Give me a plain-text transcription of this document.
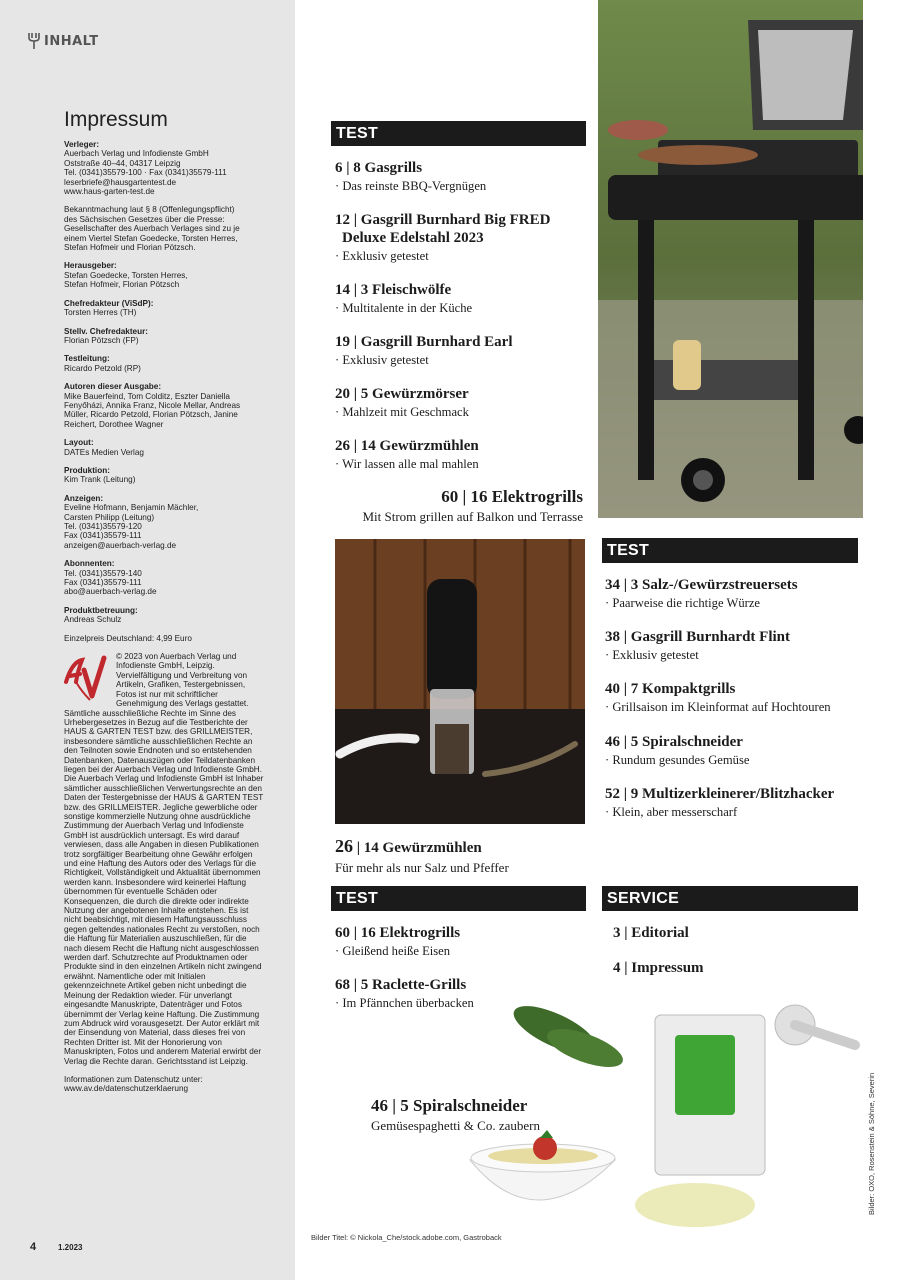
INHALT
Impressum
Verleger:
Auerbach Verlag und Infodienste GmbH
Oststraße 40–44, 04317 Leipzig
Tel. (0341)35579-100 · Fax (0341)35579-111
leserbriefe@hausgartentest.de
www.haus-garten-test.de
Bekanntmachung laut § 8 (Offenlegungspflicht)
des Sächsischen Gesetzes über die Presse:
Gesellschafter des Auerbach Verlages sind zu je
einem Viertel Stefan Goedecke, Torsten Herres,
Stefan Hofmeir und Florian Pötzsch.
Herausgeber:
Stefan Goedecke, Torsten Herres,
Stefan Hofmeir, Florian Pötzsch
Chefredakteur (ViSdP):
Torsten Herres (TH)
Stellv. Chefredakteur:
Florian Pötzsch (FP)
Testleitung:
Ricardo Petzold (RP)
Autoren dieser Ausgabe:
Mike Bauerfeind, Tom Colditz, Eszter Daniella
Fenyőházi, Annika Franz, Nicole Mellar, Andreas
Müller, Ricardo Petzold, Florian Pötzsch, Janine
Reichert, Dorothee Wagner
Layout:
DATEs Medien Verlag
Produktion:
Kim Trank (Leitung)
Anzeigen:
Eveline Hofmann, Benjamin Mächler,
Carsten Philipp (Leitung)
Tel. (0341)35579-120
Fax (0341)35579-111
anzeigen@auerbach-verlag.de
Abonnenten:
Tel. (0341)35579-140
Fax (0341)35579-111
abo@auerbach-verlag.de
Produktbetreuung:
Andreas Schulz
Einzelpreis Deutschland: 4,99 Euro
© 2023 von Auerbach Verlag und Infodienste GmbH, Leipzig. Vervielfältigung und Verbreitung von Artikeln, Grafiken, Testergebnissen, Fotos ist nur mit schriftlicher Genehmigung des Verlags gestattet. Sämtliche ausschließliche Rechte im Sinne des Urhebergesetzes in Bezug auf die Testberichte der HAUS & GARTEN TEST bzw. des GRILLMEISTER, insbesondere sämtliche ausschließlichen Rechte an den Teilnoten sowie Endnoten und so entstehenden Datenbanken, Datenauszügen oder Teildatenbanken liegen bei der Auerbach Verlag und Infodienste GmbH. Die Auerbach Verlag und Infodienste GmbH ist Inhaber sämtlicher ausschließlichen Verwertungsrechte an den Daten der Testergebnisse der HAUS & GARTEN TEST bzw. des GRILLMEISTER. Jegliche gewerbliche oder sonstige kommerzielle Nutzung ohne ausdrückliche Zustimmung der Auerbach Verlag und Infodienste GmbH ist ausdrücklich untersagt. Es wird darauf verwiesen, dass alle Angaben in diesen Publikationen trotz sorgfältiger Bearbeitung ohne Gewähr erfolgen und eine Haftung des Autors oder des Verlags für die Richtigkeit, Vollständigkeit und Aktualität übernommen werden kann. Insbesondere wird keinerlei Haftung übernommen für eventuelle Schäden oder Konsequenzen, die durch die direkte oder indirekte Nutzung der angebotenen Inhalte entstehen. Es ist nicht beabsichtigt, mit diesem Haftungsausschluss gegen geltendes nationales Recht zu verstoßen, noch die Haftung für Materialien auszuschließen, für die nach diesem Recht die Haftung nicht ausgeschlossen werden darf. Schutzrechte auf Produktnamen oder Produkte sind in den einzelnen Artikeln nicht zwingend erwähnt. Namentliche oder mit Initialen gekennzeichnete Artikel geben nicht unbedingt die Meinung der Redaktion wieder. Für unverlangt eingesandte Manuskripte, Datenträger und Fotos übernimmt der Verlag keine Haftung. Die Zustimmung zum Abdruck wird vorausgesetzt. Der Autor erklärt mit der Einsendung von Material, dass dieses frei von Rechten Dritter ist. Mit der Honorierung von Manuskripten, Fotos und anderem Material erwirbt der Verlag die Rechte daran. Gerichtsstand ist Leipzig.
Informationen zum Datenschutz unter:
www.av.de/datenschutzerklaerung
4	1.2023
TEST
6 | 8 Gasgrills
· Das reinste BBQ-Vergnügen
12 | Gasgrill Burnhard Big FRED
Deluxe Edelstahl 2023
· Exklusiv getestet
14 | 3 Fleischwölfe
· Multitalente in der Küche
19 | Gasgrill Burnhard Earl
· Exklusiv getestet
20 | 5 Gewürzmörser
· Mahlzeit mit Geschmack
26 | 14 Gewürzmühlen
· Wir lassen alle mal mahlen
60 | 16 Elektrogrills
Mit Strom grillen auf Balkon und Terrasse
26 | 14 Gewürzmühlen
Für mehr als nur Salz und Pfeffer
TEST
34 | 3 Salz-/Gewürzstreuersets
· Paarweise die richtige Würze
38 | Gasgrill Burnhardt Flint
· Exklusiv getestet
40 | 7 Kompaktgrills
· Grillsaison im Kleinformat auf Hochtouren
46 | 5 Spiralschneider
· Rundum gesundes Gemüse
52 | 9 Multizerkleinerer/Blitzhacker
· Klein, aber messerscharf
TEST
60 | 16 Elektrogrills
· Gleißend heiße Eisen
68 | 5 Raclette-Grills
· Im Pfännchen überbacken
SERVICE
3 | Editorial
4 | Impressum
46 | 5 Spiralschneider
Gemüsespaghetti & Co. zaubern
Bilder Titel: © Nickola_Che/stock.adobe.com, Gastroback
Bilder: OXO, Rosenstein & Söhne, Severin
